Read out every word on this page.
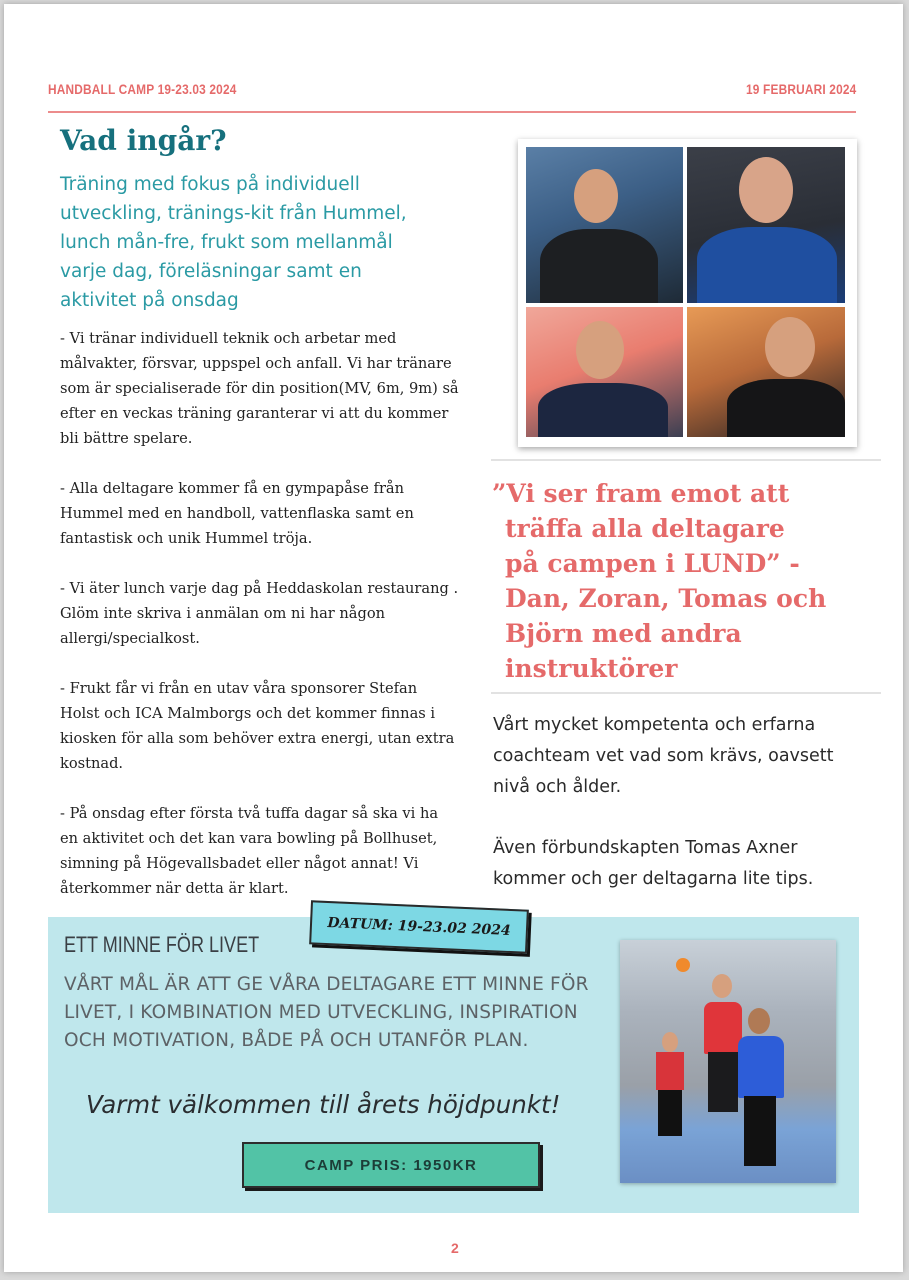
HANDBALL CAMP 19-23.03 2024	19 FEBRUARI 2024
Vad ingår?
Träning med fokus på individuell utveckling, tränings-kit från Hummel, lunch mån-fre, frukt som mellanmål varje dag, föreläsningar samt en aktivitet på onsdag

- Vi tränar individuell teknik och arbetar med målvakter, försvar, uppspel och anfall. Vi har tränare som är specialiserade för din position(MV, 6m, 9m) så efter en veckas träning garanterar vi att du kommer bli bättre spelare.

- Alla deltagare kommer få en gympapåse från Hummel med en handboll, vattenflaska samt en fantastisk och unik Hummel tröja.

- Vi äter lunch varje dag på Heddaskolan restaurang . Glöm inte skriva i anmälan om ni har någon allergi/specialkost.

- Frukt får vi från en utav våra sponsorer Stefan Holst och ICA Malmborgs och det kommer finnas i kiosken för alla som behöver extra energi, utan extra kostnad.

- På onsdag efter första två tuffa dagar så ska vi ha en aktivitet och det kan vara bowling på Bollhuset, simning på Högevallsbadet eller något annat! Vi återkommer när detta är klart.

”Vi ser fram emot att
träffa alla deltagare
på campen i LUND” -
Dan, Zoran, Tomas och
Björn med andra
instruktörer

Vårt mycket kompetenta och erfarna coachteam vet vad som krävs, oavsett nivå och ålder.

Även förbundskapten Tomas Axner kommer och ger deltagarna lite tips.

ETT MINNE FÖR LIVET
VÅRT MÅL ÄR ATT GE VÅRA DELTAGARE ETT MINNE FÖR LIVET, I KOMBINATION MED UTVECKLING, INSPIRATION OCH MOTIVATION, BÅDE PÅ OCH UTANFÖR PLAN.
Varmt välkommen till årets höjdpunkt!
CAMP PRIS: 1950KR
DATUM: 19-23.02 2024
2
